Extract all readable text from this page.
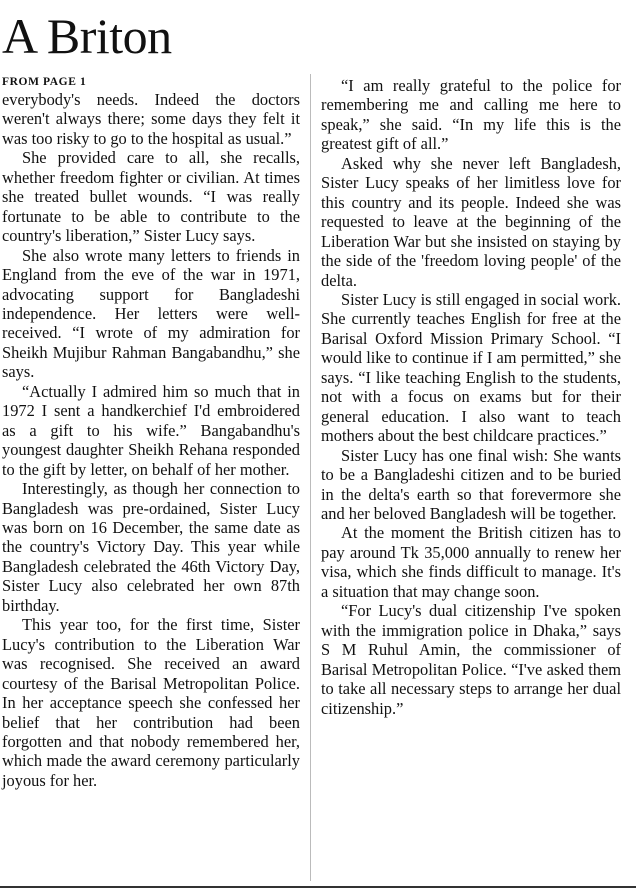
A Briton
FROM PAGE 1

everybody's needs. Indeed the doctors weren't always there; some days they felt it was too risky to go to the hospital as usual.”

She provided care to all, she recalls, whether freedom fighter or civilian. At times she treated bullet wounds. “I was really fortunate to be able to contribute to the country's liberation,” Sister Lucy says.

She also wrote many letters to friends in England from the eve of the war in 1971, advocating support for Bangladeshi independence. Her letters were well-received. “I wrote of my admiration for Sheikh Mujibur Rahman Bangabandhu,” she says.

“Actually I admired him so much that in 1972 I sent a handkerchief I'd embroidered as a gift to his wife.” Bangabandhu's youngest daughter Sheikh Rehana responded to the gift by letter, on behalf of her mother.

Interestingly, as though her connection to Bangladesh was pre-ordained, Sister Lucy was born on 16 December, the same date as the country's Victory Day. This year while Bangladesh celebrated the 46th Victory Day, Sister Lucy also celebrated her own 87th birthday.

This year too, for the first time, Sister Lucy's contribution to the Liberation War was recognised. She received an award courtesy of the Barisal Metropolitan Police. In her acceptance speech she confessed her belief that her contribution had been forgotten and that nobody remembered her, which made the award ceremony particularly joyous for her.

“I am really grateful to the police for remembering me and calling me here to speak,” she said. “In my life this is the greatest gift of all.”

Asked why she never left Bangladesh, Sister Lucy speaks of her limitless love for this country and its people. Indeed she was requested to leave at the beginning of the Liberation War but she insisted on staying by the side of the 'freedom loving people' of the delta.

Sister Lucy is still engaged in social work. She currently teaches English for free at the Barisal Oxford Mission Primary School. “I would like to continue if I am permitted,” she says. “I like teaching English to the students, not with a focus on exams but for their general education. I also want to teach mothers about the best childcare practices.”

Sister Lucy has one final wish: She wants to be a Bangladeshi citizen and to be buried in the delta's earth so that forevermore she and her beloved Bangladesh will be together.

At the moment the British citizen has to pay around Tk 35,000 annually to renew her visa, which she finds difficult to manage. It's a situation that may change soon.

“For Lucy's dual citizenship I've spoken with the immigration police in Dhaka,” says S M Ruhul Amin, the commissioner of Barisal Metropolitan Police. “I've asked them to take all necessary steps to arrange her dual citizenship.”
